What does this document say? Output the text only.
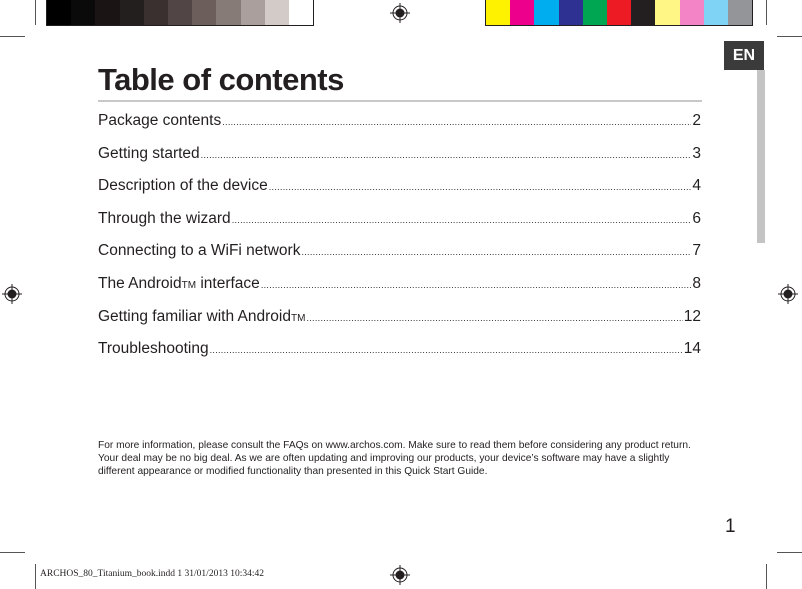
EN
Table of contents
Package contents .....	2
Getting started .....	3
Description of the device .....	4
Through the wizard .....	6
Connecting to a WiFi network .....	7
The AndroidTM interface .....	8
Getting familiar with AndroidTM .....	12
Troubleshooting .....	14
For more information, please consult the FAQs on www.archos.com. Make sure to read them before considering any product return. Your deal may be no big deal. As we are often updating and improving our products, your device’s software may have a slightly different appearance or modified functionality than presented in this Quick Start Guide.
1
ARCHOS_80_Titanium_book.indd 1 31/01/2013 10:34:42
